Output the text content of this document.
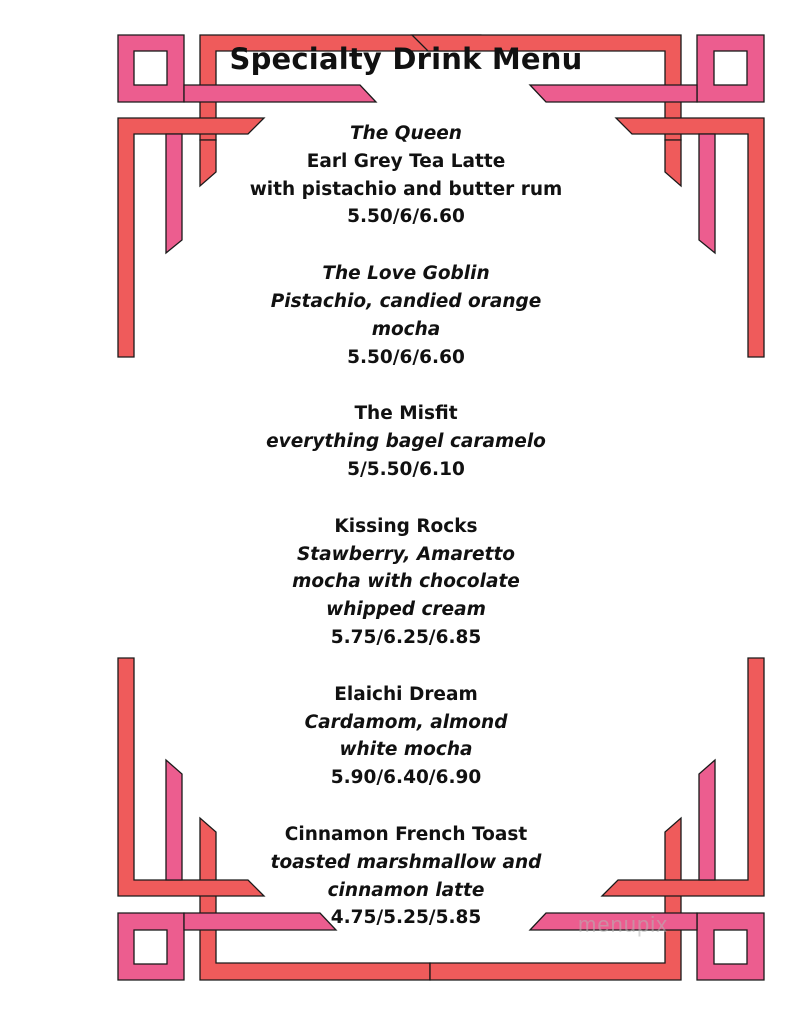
Specialty Drink Menu
The Queen
Earl Grey Tea Latte
with pistachio and butter rum
5.50/6/6.60
The Love Goblin
Pistachio, candied orange
mocha
5.50/6/6.60
The Misfit
everything bagel caramelo
5/5.50/6.10
Kissing Rocks
Stawberry, Amaretto
mocha with chocolate
whipped cream
5.75/6.25/6.85
Elaichi Dream
Cardamom, almond
white mocha
5.90/6.40/6.90
Cinnamon French Toast
toasted marshmallow and
cinnamon latte
4.75/5.25/5.85	menupix
